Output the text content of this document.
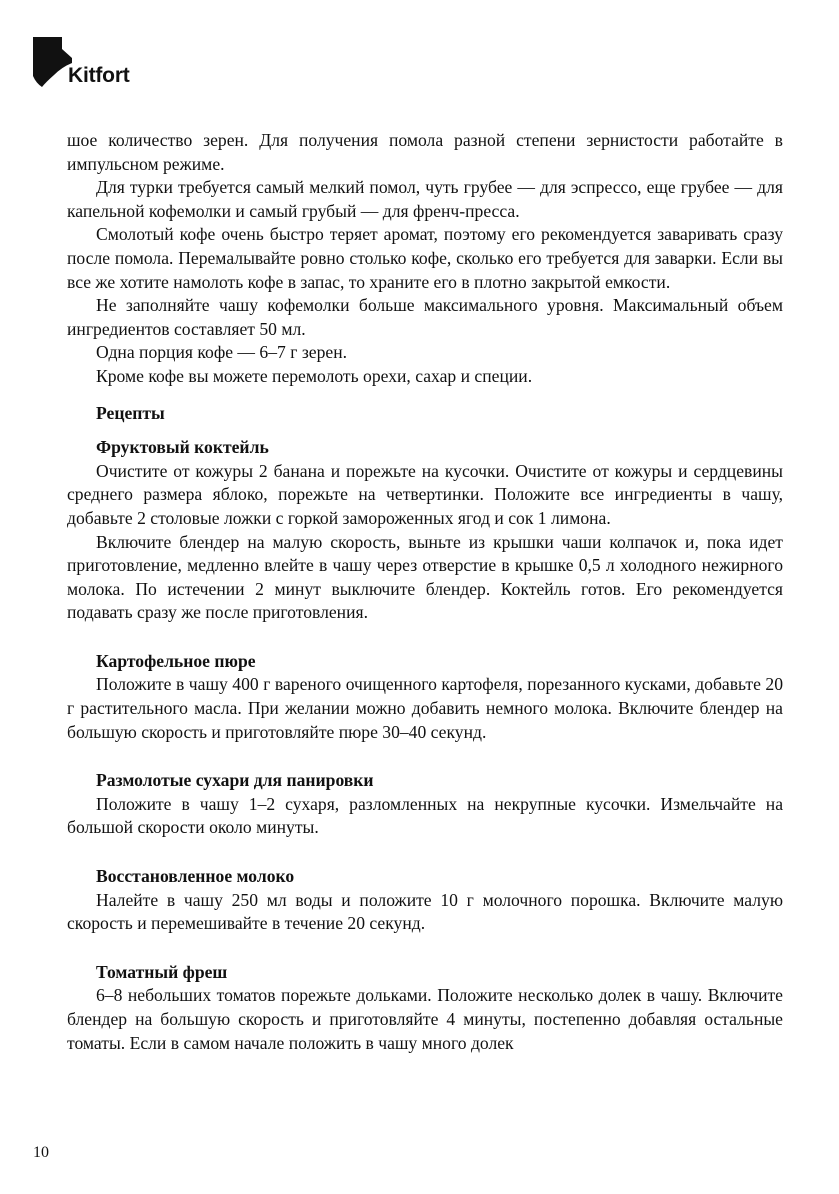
Kitfort

шое количество зерен. Для получения помола разной степени зернистости работайте в импульсном режиме.

Для турки требуется самый мелкий помол, чуть грубее — для эспрессо, еще грубее — для капельной кофемолки и самый грубый — для френч-пресса.

Смолотый кофе очень быстро теряет аромат, поэтому его рекомендуется заваривать сразу после помола. Перемалывайте ровно столько кофе, сколько его требуется для заварки. Если вы все же хотите намолоть кофе в запас, то храните его в плотно закрытой емкости.

Не заполняйте чашу кофемолки больше максимального уровня. Максимальный объем ингредиентов составляет 50 мл.

Одна порция кофе — 6–7 г зерен.

Кроме кофе вы можете перемолоть орехи, сахар и специи.

Рецепты
Фруктовый коктейль

Очистите от кожуры 2 банана и порежьте на кусочки. Очистите от кожуры и сердцевины среднего размера яблоко, порежьте на четвертинки. Положите все ингредиенты в чашу, добавьте 2 столовые ложки с горкой замороженных ягод и сок 1 лимона.

Включите блендер на малую скорость, выньте из крышки чаши колпачок и, пока идет приготовление, медленно влейте в чашу через отверстие в крышке 0,5 л холодного нежирного молока. По истечении 2 минут выключите блендер. Коктейль готов. Его рекомендуется подавать сразу же после приготовления.

Картофельное пюре

Положите в чашу 400 г вареного очищенного картофеля, порезанного кусками, добавьте 20 г растительного масла. При желании можно добавить немного молока. Включите блендер на большую скорость и приготовляйте пюре 30–40 секунд.

Размолотые сухари для панировки

Положите в чашу 1–2 сухаря, разломленных на некрупные кусочки. Измельчайте на большой скорости около минуты.

Восстановленное молоко

Налейте в чашу 250 мл воды и положите 10 г молочного порошка. Включите малую скорость и перемешивайте в течение 20 секунд.

Томатный фреш

6–8 небольших томатов порежьте дольками. Положите несколько долек в чашу. Включите блендер на большую скорость и приготовляйте 4 минуты, постепенно добавляя остальные томаты. Если в самом начале положить в чашу много долек

10
